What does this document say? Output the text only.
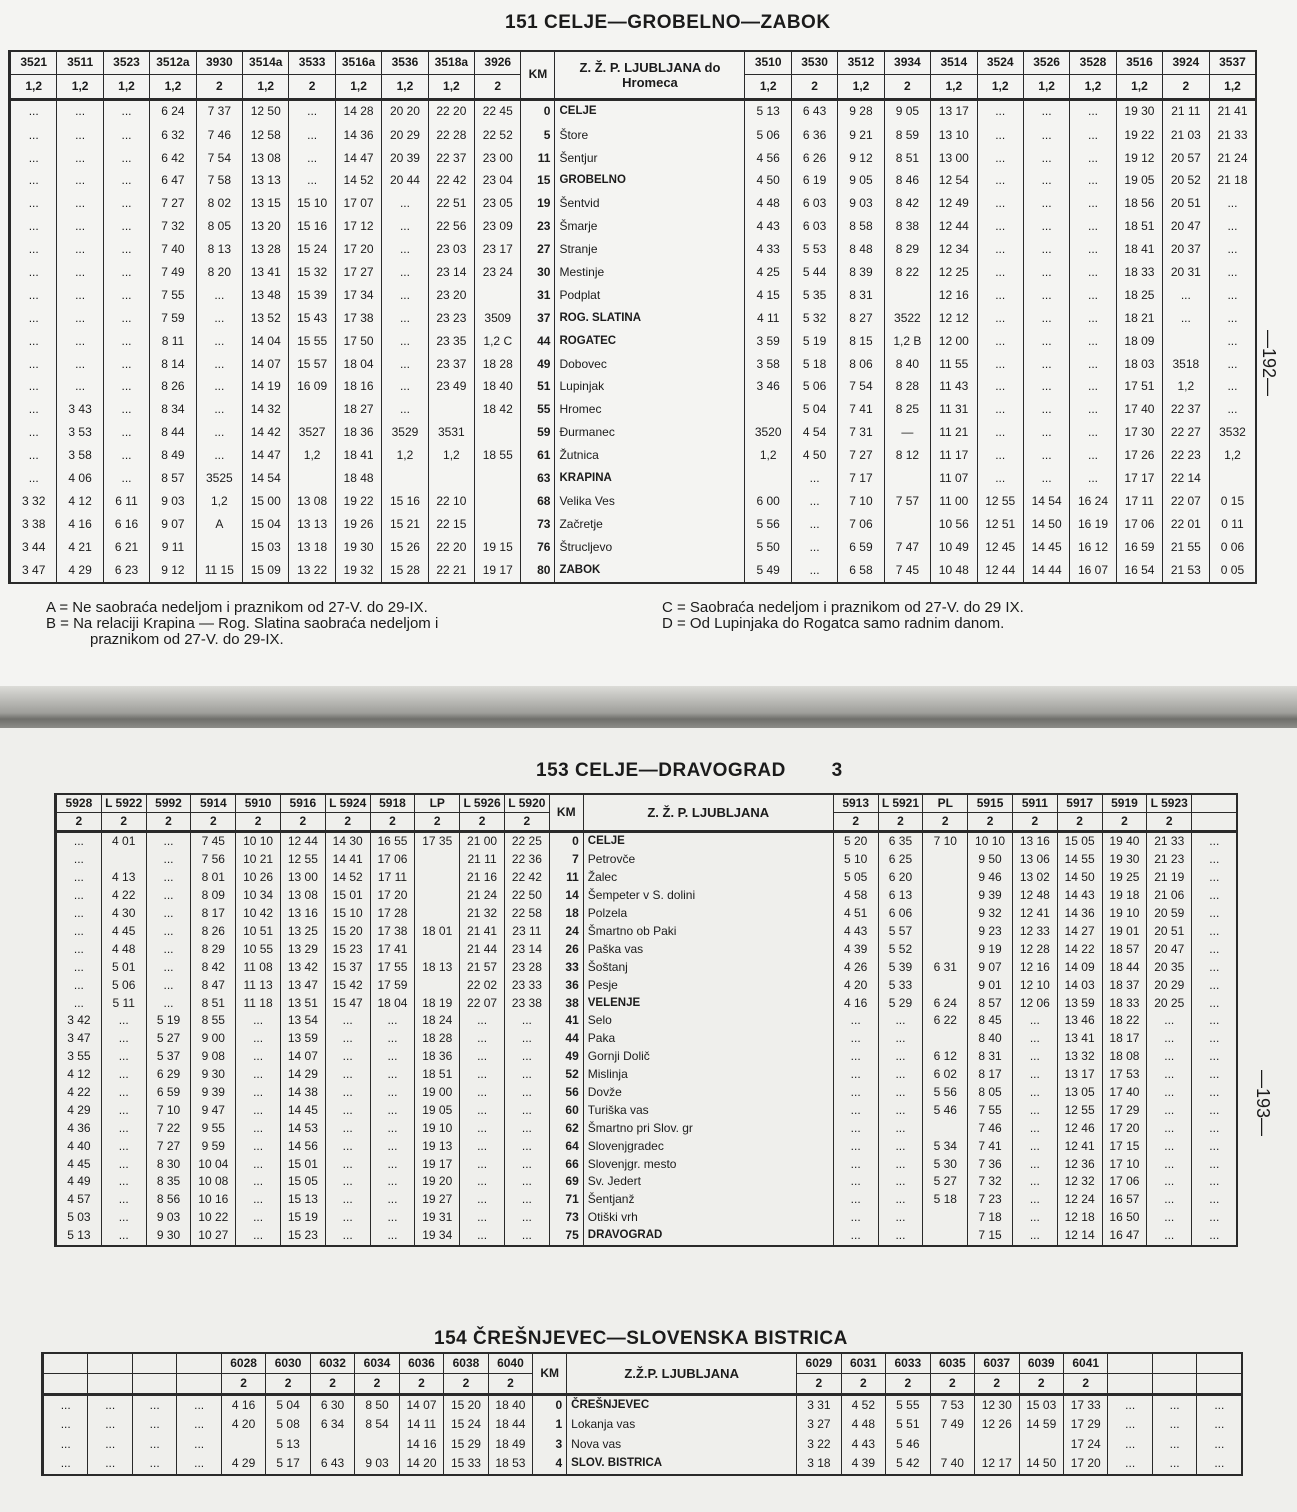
151 CELJE—GROBELNO—ZABOK
—192—
3521	3511	3523	3512a	3930	3514a	3533	3516a	3536	3518a	3926	KM	Z. Ž. P. LJUBLJANA do Hromeca	3510	3530	3512	3934	3514	3524	3526	3528	3516	3924	3537
1,2	1,2	1,2	1,2	2	1,2	2	1,2	1,2	1,2	2			1,2	2	1,2	2	1,2	1,2	1,2	1,2	1,2	2	1,2
...	...	...	6 24	7 37	12 50	...	14 28	20 20	22 20	22 45	0	CELJE	5 13	6 43	9 28	9 05	13 17	...	...	...	19 30	21 11	21 41
...	...	...	6 32	7 46	12 58	...	14 36	20 29	22 28	22 52	5	Štore	5 06	6 36	9 21	8 59	13 10	...	...	...	19 22	21 03	21 33
...	...	...	6 42	7 54	13 08	...	14 47	20 39	22 37	23 00	11	Šentjur	4 56	6 26	9 12	8 51	13 00	...	...	...	19 12	20 57	21 24
...	...	...	6 47	7 58	13 13	...	14 52	20 44	22 42	23 04	15	GROBELNO	4 50	6 19	9 05	8 46	12 54	...	...	...	19 05	20 52	21 18
...	...	...	7 27	8 02	13 15	15 10	17 07	...	22 51	23 05	19	Šentvid	4 48	6 03	9 03	8 42	12 49	...	...	...	18 56	20 51	...
...	...	...	7 32	8 05	13 20	15 16	17 12	...	22 56	23 09	23	Šmarje	4 43	6 03	8 58	8 38	12 44	...	...	...	18 51	20 47	...
...	...	...	7 40	8 13	13 28	15 24	17 20	...	23 03	23 17	27	Stranje	4 33	5 53	8 48	8 29	12 34	...	...	...	18 41	20 37	...
...	...	...	7 49	8 20	13 41	15 32	17 27	...	23 14	23 24	30	Mestinje	4 25	5 44	8 39	8 22	12 25	...	...	...	18 33	20 31	...
...	...	...	7 55	...	13 48	15 39	17 34	...	23 20		31	Podplat	4 15	5 35	8 31		12 16	...	...	...	18 25	...	...
...	...	...	7 59	...	13 52	15 43	17 38	...	23 23	3509	37	ROG. SLATINA	4 11	5 32	8 27	3522	12 12	...	...	...	18 21	...	...
...	...	...	8 11	...	14 04	15 55	17 50	...	23 35	1,2 C	44	ROGATEC	3 59	5 19	8 15	1,2 B	12 00	...	...	...	18 09		...
...	...	...	8 14	...	14 07	15 57	18 04	...	23 37	18 28	49	Dobovec	3 58	5 18	8 06	8 40	11 55	...	...	...	18 03	3518	...
...	...	...	8 26	...	14 19	16 09	18 16	...	23 49	18 40	51	Lupinjak	3 46	5 06	7 54	8 28	11 43	...	...	...	17 51	1,2	...
...	3 43	...	8 34	...	14 32		18 27	...		18 42	55	Hromec		5 04	7 41	8 25	11 31	...	...	...	17 40	22 37	...
...	3 53	...	8 44	...	14 42	3527	18 36	3529	3531		59	Đurmanec	3520	4 54	7 31	—	11 21	...	...	...	17 30	22 27	3532
...	3 58	...	8 49	...	14 47	1,2	18 41	1,2	1,2	18 55	61	Žutnica	1,2	4 50	7 27	8 12	11 17	...	...	...	17 26	22 23	1,2
...	4 06	...	8 57	3525	14 54		18 48				63	KRAPINA		...	7 17		11 07	...	...	...	17 17	22 14	
3 32	4 12	6 11	9 03	1,2	15 00	13 08	19 22	15 16	22 10		68	Velika Ves	6 00	...	7 10	7 57	11 00	12 55	14 54	16 24	17 11	22 07	0 15
3 38	4 16	6 16	9 07	A	15 04	13 13	19 26	15 21	22 15		73	Začretje	5 56	...	7 06		10 56	12 51	14 50	16 19	17 06	22 01	0 11
3 44	4 21	6 21	9 11		15 03	13 18	19 30	15 26	22 20	19 15	76	Štrucljevo	5 50	...	6 59	7 47	10 49	12 45	14 45	16 12	16 59	21 55	0 06
3 47	4 29	6 23	9 12	11 15	15 09	13 22	19 32	15 28	22 21	19 17	80	ZABOK	5 49	...	6 58	7 45	10 48	12 44	14 44	16 07	16 54	21 53	0 05
A = Ne saobraća nedeljom i praznikom od 27-V. do 29-IX.
B = Na relaciji Krapina — Rog. Slatina saobraća nedeljom i
praznikom od 27-V. do 29-IX.
C = Saobraća nedeljom i praznikom od 27-V. do 29 IX.
D = Od Lupinjaka do Rogatca samo radnim danom.
153 CELJE—DRAVOGRAD 3
—193—
5928	L 5922	5992	5914	5910	5916	L 5924	5918	LP	L 5926	L 5920	KM	Z. Ž. P. LJUBLJANA	5913	L 5921	PL	5915	5911	5917	5919	L 5923	
2	2	2	2	2	2	2	2	2	2	2			2	2	2	2	2	2	2	2	
...	4 01	...	7 45	10 10	12 44	14 30	16 55	17 35	21 00	22 25	0	CELJE	5 20	6 35	7 10	10 10	13 16	15 05	19 40	21 33	...
...		...	7 56	10 21	12 55	14 41	17 06		21 11	22 36	7	Petrovče	5 10	6 25		9 50	13 06	14 55	19 30	21 23	...
...	4 13	...	8 01	10 26	13 00	14 52	17 11		21 16	22 42	11	Žalec	5 05	6 20		9 46	13 02	14 50	19 25	21 19	...
...	4 22	...	8 09	10 34	13 08	15 01	17 20		21 24	22 50	14	Šempeter v S. dolini	4 58	6 13		9 39	12 48	14 43	19 18	21 06	...
...	4 30	...	8 17	10 42	13 16	15 10	17 28		21 32	22 58	18	Polzela	4 51	6 06		9 32	12 41	14 36	19 10	20 59	...
...	4 45	...	8 26	10 51	13 25	15 20	17 38	18 01	21 41	23 11	24	Šmartno ob Paki	4 43	5 57		9 23	12 33	14 27	19 01	20 51	...
...	4 48	...	8 29	10 55	13 29	15 23	17 41		21 44	23 14	26	Paška vas	4 39	5 52		9 19	12 28	14 22	18 57	20 47	...
...	5 01	...	8 42	11 08	13 42	15 37	17 55	18 13	21 57	23 28	33	Šoštanj	4 26	5 39	6 31	9 07	12 16	14 09	18 44	20 35	...
...	5 06	...	8 47	11 13	13 47	15 42	17 59		22 02	23 33	36	Pesje	4 20	5 33		9 01	12 10	14 03	18 37	20 29	...
...	5 11	...	8 51	11 18	13 51	15 47	18 04	18 19	22 07	23 38	38	VELENJE	4 16	5 29	6 24	8 57	12 06	13 59	18 33	20 25	...
3 42	...	5 19	8 55	...	13 54	...	...	18 24	...	...	41	Selo	...	...	6 22	8 45	...	13 46	18 22	...	...
3 47	...	5 27	9 00	...	13 59	...	...	18 28	...	...	44	Paka	...	...		8 40	...	13 41	18 17	...	...
3 55	...	5 37	9 08	...	14 07	...	...	18 36	...	...	49	Gornji Dolič	...	...	6 12	8 31	...	13 32	18 08	...	...
4 12	...	6 29	9 30	...	14 29	...	...	18 51	...	...	52	Mislinja	...	...	6 02	8 17	...	13 17	17 53	...	...
4 22	...	6 59	9 39	...	14 38	...	...	19 00	...	...	56	Dovže	...	...	5 56	8 05	...	13 05	17 40	...	...
4 29	...	7 10	9 47	...	14 45	...	...	19 05	...	...	60	Turiška vas	...	...	5 46	7 55	...	12 55	17 29	...	...
4 36	...	7 22	9 55	...	14 53	...	...	19 10	...	...	62	Šmartno pri Slov. gr	...	...		7 46	...	12 46	17 20	...	...
4 40	...	7 27	9 59	...	14 56	...	...	19 13	...	...	64	Slovenjgradec	...	...	5 34	7 41	...	12 41	17 15	...	...
4 45	...	8 30	10 04	...	15 01	...	...	19 17	...	...	66	Slovenjgr. mesto	...	...	5 30	7 36	...	12 36	17 10	...	...
4 49	...	8 35	10 08	...	15 05	...	...	19 20	...	...	69	Sv. Jedert	...	...	5 27	7 32	...	12 32	17 06	...	...
4 57	...	8 56	10 16	...	15 13	...	...	19 27	...	...	71	Šentjanž	...	...	5 18	7 23	...	12 24	16 57	...	...
5 03	...	9 03	10 22	...	15 19	...	...	19 31	...	...	73	Otiški vrh	...	...		7 18	...	12 18	16 50	...	...
5 13	...	9 30	10 27	...	15 23	...	...	19 34	...	...	75	DRAVOGRAD	...	...		7 15	...	12 14	16 47	...	...
154 ČREŠNJEVEC—SLOVENSKA BISTRICA
				6028	6030	6032	6034	6036	6038	6040	KM	Z.Ž.P. LJUBLJANA	6029	6031	6033	6035	6037	6039	6041			
				2	2	2	2	2	2	2			2	2	2	2	2	2	2			
...	...	...	...	4 16	5 04	6 30	8 50	14 07	15 20	18 40	0	ČREŠNJEVEC	3 31	4 52	5 55	7 53	12 30	15 03	17 33	...	...	...
...	...	...	...	4 20	5 08	6 34	8 54	14 11	15 24	18 44	1	Lokanja vas	3 27	4 48	5 51	7 49	12 26	14 59	17 29	...	...	...
...	...	...	...		5 13			14 16	15 29	18 49	3	Nova vas	3 22	4 43	5 46				17 24	...	...	...
...	...	...	...	4 29	5 17	6 43	9 03	14 20	15 33	18 53	4	SLOV. BISTRICA	3 18	4 39	5 42	7 40	12 17	14 50	17 20	...	...	...
